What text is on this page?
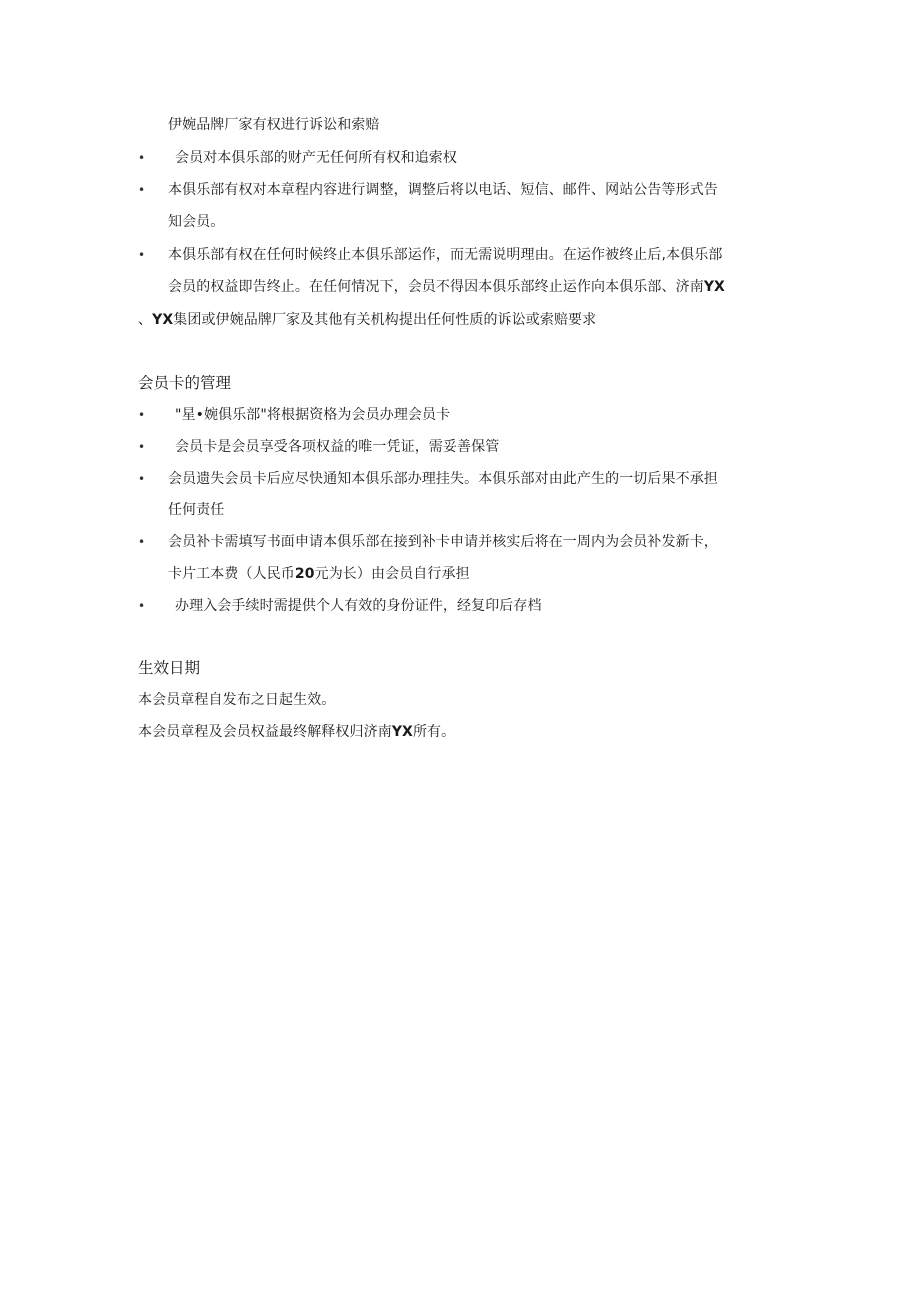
伊婉品牌厂家有权进行诉讼和索赔
• 会员对本俱乐部的财产无任何所有权和追索权
• 本俱乐部有权对本章程内容进行调整，调整后将以电话、短信、邮件、网站公告等形式告
知会员。
• 本俱乐部有权在任何时候终止本俱乐部运作，而无需说明理由。在运作被终止后,本俱乐部
会员的权益即告终止。在任何情况下，会员不得因本俱乐部终止运作向本俱乐部、济南YX
、YX集团或伊婉品牌厂家及其他有关机构提出任何性质的诉讼或索赔要求
会员卡的管理
• "星•婉俱乐部"将根据资格为会员办理会员卡
• 会员卡是会员享受各项权益的唯一凭证，需妥善保管
• 会员遗失会员卡后应尽快通知本俱乐部办理挂失。本俱乐部对由此产生的一切后果不承担
任何责任
• 会员补卡需填写书面申请本俱乐部在接到补卡申请并核实后将在一周内为会员补发新卡，
卡片工本费（人民币20元为长）由会员自行承担
• 办理入会手续时需提供个人有效的身份证件，经复印后存档
生效日期
本会员章程自发布之日起生效。
本会员章程及会员权益最终解释权归济南YX所有。
